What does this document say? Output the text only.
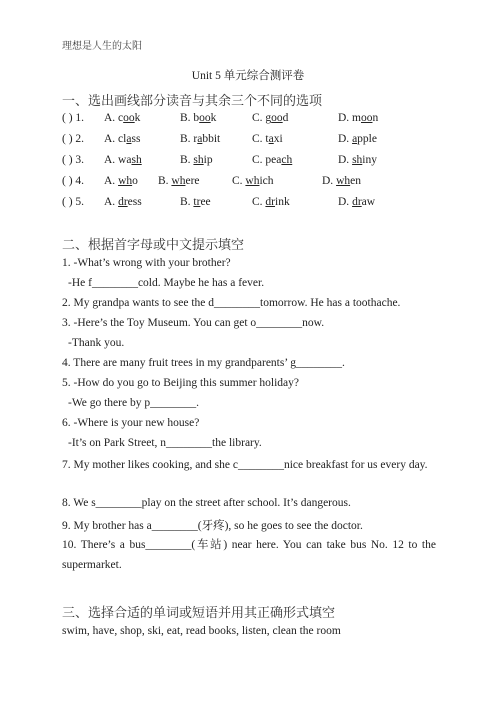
理想是人生的太阳
Unit 5 单元综合测评卷
一、选出画线部分读音与其余三个不同的选项
( ) 1. A. cook	B. book	C. good	D. moon
( ) 2. A. class	B. rabbit	C. taxi	D. apple
( ) 3. A. wash	B. ship	C. peach	D. shiny
( ) 4. A. who B. where	C. which	D. when
( ) 5. A. dress	B. tree	C. drink	D. draw
二、根据首字母或中文提示填空
1. -What’s wrong with your brother?
-He f________cold. Maybe he has a fever.
2. My grandpa wants to see the d________tomorrow. He has a toothache.
3. -Here’s the Toy Museum. You can get o________now.
-Thank you.
4. There are many fruit trees in my grandparents’ g________.
5. -How do you go to Beijing this summer holiday?
-We go there by p________.
6. -Where is your new house?
-It’s on Park Street, n________the library.
7. My mother likes cooking, and she c________nice breakfast for us every day.
8. We s________play on the street after school. It’s dangerous.
9. My brother has a________(牙疼), so he goes to see the doctor.
10. There’s a bus________(车站) near here. You can take bus No. 12 to the supermarket.
三、选择合适的单词或短语并用其正确形式填空
swim, have, shop, ski, eat, read books, listen, clean the room
